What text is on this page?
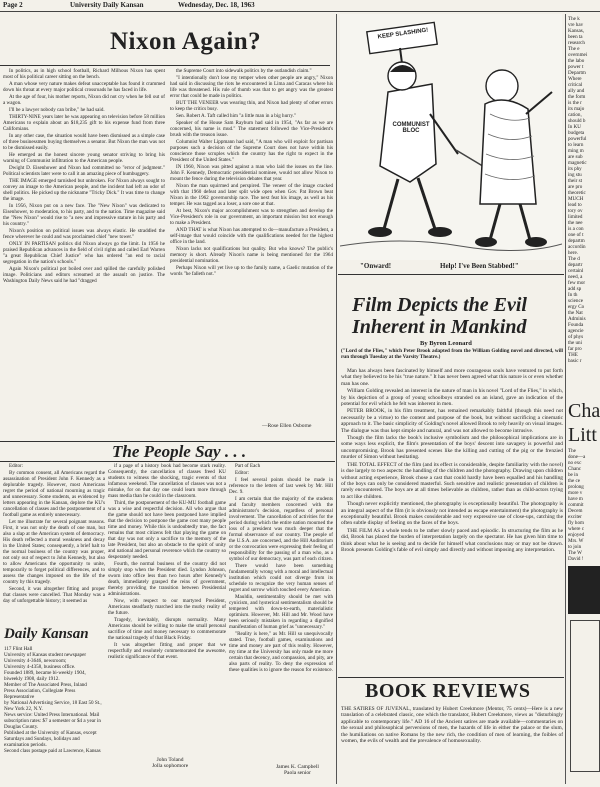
Page 2	University Daily Kansan	Wednesday, Dec. 18, 1963
Nixon Again?

In politics, as in high school football, Richard Milhous Nixon has spent most of his political career sitting on the bench.

A man whose very nature makes defeat unacceptable has found it crammed down his throat at every major political crossroads he has faced in life.

At the age of four, his mother reports, Nixon did not cry when he fell out of a wagon.

I'll be a lawyer nobody can bribe," he had said.

THIRTY-NINE years later he was appearing on television before 58 million Americans to explain about an $18,235 gift to his expense fund from three Californians.

In any other case, the situation would have been dismissed as a simple case of three businessmen buying themselves a senator. But Nixon the man was not to be dismissed easily.

He emerged as the honest sincere young senator striving to bring his warning of Communist infiltration to the American people.

Dwight D. Eisenhower and Nixon had committed no "error of judgment." Political scientists later were to call it an amazing piece of humbuggery.

THE IMAGE emerged tarnished but unbroken. For Nixon always sought to convey an image to the American people, and the incident had left an odor of shell politics. He picked up the nickname "Tricky Dick." It was time to change the image.

In 1956, Nixon put on a new face. The "New Nixon" was dedicated to Eisenhower, to moderation, to his party, and to the nation. Time magazine said the "New Nixon" would rise to "a new and impressive stature in his party and his country."

Nixon's position on political issues was always elastic. He straddled the fence wherever he could and was proclaimed chief "new tower."

ONLY IN PARTISAN politics did Nixon always go the limit. In 1956 he praised Republican advances in the field of civil rights and called Earl Warren "a great Republican Chief Justice" who has ordered "an end to racial segregation in the nation's schools."

Again Nixon's political pot boiled over and spilled the carefully polished image. Politicians and editors screamed at the assault on justice. The Washington Daily News said he had "dragged

the Supreme Court into sidewalk politics by the outlandish claim."

"I intentionally don't lose my temper when other people are angry," Nixon had said in discussing the riots he encountered in Lima and Caracas where his life was threatened. His rule of thumb was that to get angry was the greatest error that could be made in politics.

BUT THE VENEER was wearing thin, and Nixon had plenty of other errors to keep the critics busy.

Sen. Robert A. Taft called him "a little man in a big hurry."

Speaker of the House Sam Rayburn had said in 1954, "As far as we are concerned, his name is mud." The statement followed the Vice-President's brush with the treason issue.

Columnist Walter Lippmann had said, "A man who will exploit for partisan purposes such a decision of the Supreme Court does not have within his conscience those scruples which the country has the right to expect in the President of the United States."

IN 1960, Nixon was pitted against a man who laid the issues on the line. John F. Kennedy, Democratic presidential nominee, would not allow Nixon to mount the fence during the television debates that year.

Nixon the man squirmed and perspired. The veneer of the image cracked with that 1960 defeat and later split wide open when Gov. Pat Brown beat Nixon in the 1962 governorship race. The next feat his image, as well as his temper. He was tagged as a loser, a sore one at that.

At best, Nixon's major accomplishment was to strengthen and develop the Vice-President's role in our government, an important mission but not enough to make a President.

AND THAT is what Nixon has attempted to do—manufacture a President, a self-image that would coincide with the qualifications needed for the highest office in the land.

Nixon lacks not qualifications but quality. But who knows? The public's memory is short. Already Nixon's name is being mentioned for the 1964 presidential nomination.

Perhaps Nixon will yet live up to the family name, a Gaelic mutation of the words "he falleth not."

—Rose Ellen Osborne
KEEP SLASHING!
COMMUNIST BLOC
"Onward!	Help! I've Been Stabbed!"
The k
vre hav
Kansas,
been ta
research
The e
overnmei
the labo
power t
Departm
Where
critical
ally and
the form
is the r
its majo
cation,
should b
In KU
budgeta
powerful
to learn
ming m
are sub
magnetic
its phy
ing stu
their st
are pro
theoretic
MUCH
lead to
tory ov
limited
the nee
is a con
one of t
departm
accordin
here.
The d
departr
certainl
need, a
few mor
add sp
In th
science
ergy Co
the Nat
Adminis
Founda
agencie
of phys
the uni
far pro
THE
basic r
Cha
Litt
The
done—a
no exc
Chanc
be in
the ce
prolong
more v
have m
commit
Decem
exciter
fly hom
where c
enjoyed
Mrs. W
to join
The W
David !
The People Say . . .

Editor:

By common consent, all Americans regard the assassination of President John F. Kennedy as a deplorable tragedy. However, most Americans regret the period of national mourning as tragic and unnecessary. Some students, as evidenced by letters appearing in the Kansan, deplore the KU's cancellation of classes and the postponement of a football game as entirely unnecessary.

Let me illustrate for several poignant reasons. First, it was not only the death of one man, but also a slap at the American system of democracy. His death reflected a moral weakness and decay in the United States; consequently, a brief halt to the normal business of the country was proper, not only out of respect to John Kennedy, but also to allow Americans the opportunity to unite, temporarily to forget political differences, and to assess the changes imposed on the life of the country by this tragedy.

Second, it was altogether fitting and proper that classes were cancelled. That Monday was a day of unforgettable history; it seemed as

if a page of a history book had become stark reality. Consequently, the cancellation of classes freed KU students to witness the shocking, tragic events of that infamous weekend. The cancellation of classes was not a mistake, for on that day one could learn more through mass media than he could in the classroom.

Third, the postponement of the KU-MU football game was a wise and respectful decision. All who argue that the game should not have been postponed have implied that the decision to postpone the game cost many people time and money. While this is undoubtedly true, the fact remains that most citizens felt that playing the game on that day was not only a sacrifice to the memory of the late President, but also an obstacle to the spirit of unity and national and personal reverence which the country so desperately needed.

Fourth, the normal business of the country did not simply stop when the President died. Lyndon Johnson, sworn into office less than two hours after Kennedy's death, immediately grasped the reins of government, thereby providing the transition between Presidential administrations.

Now, with respect to our martyred President, Americans steadfastly marched into the murky reality of the future.

Tragedy, inevitably, disrupts normality. Many Americans should be willing to make the small personal sacrifice of time and money necessary to commemorate the national tragedy of that Black Friday.

It was altogether fitting and proper that we respectfully and resolutely commemorated the awesome, realistic significance of that event.

John Toland
Jolla sophomore

Part of Each

Editor:

I feel several points should be made in reference to the letters of last week by Mr. Hill Dec. 9.

I am certain that the majority of the students and faculty members concerned with the administrator's decision, regardless of personal involvement. The cancellation of activities for the period during which the entire nation mourned the loss of a president was much deeper that the formal observance of our country. The people of the U.S.A. are concerned, and the Hill Auditorium or the convocation were expressing their feeling of responsibility for the passing of a man who, as a symbol of our democracy, was part of each citizen.

There would have been something fundamentally wrong with a moral and intellectual institution which could not diverge from its schedule to recognize the very human senses of regret and sorrow which touched every American.

Mauldin, sentimentality should be met with cynicism, and hysterical sentimentalism should be tempered with down-to-earth, materialistic optimism. However, Mr. Hill and Mr. Wood have been seriously mistaken in regarding a dignified manifestation of human grief as "unnecessary."

"Reality is here," as Mr. Hill so unequivocally stated. True, football games, examinations and time and money are part of this reality. However, my time at the University has only made me more certain that decency, and compassion, and pity, are also parts of reality. To deny the expression of these qualities is to ignore the reason for existence.

James K. Campbell
Paola senior
Daily Kansan
117 Flint Hall
University of Kansas student newspaper
University 4-3646, newsroom;
University 4-4358, business office.
Founded 1889, became bi-weekly 1904,
biweekly 1908, daily 1912.
Member of The Associated Press, Inland
Press Association, Collegiate Press Representative
by National Advertising Service, 18 East 50 St., New York 22, N.Y.
News service: United Press International. Mail subscription rates: $7 a semester or $4 a year in Douglas County.
Published at the University of Kansas, except Saturdays and Sundays, holidays and examination periods.
Second class postage paid at Lawrence, Kansas
Film Depicts the Evil Inherent in Mankind
By Byron Leonard
("Lord of the Flies," which Peter Brook adapted from the William Golding novel and directed, will run through Tuesday at the Varsity Theatre.)

Man has always been fascinated by himself and more courageous souls have ventured to put forth what they believed to be his "true nature." It has never been agreed what this nature is or even whether man has one.

William Golding revealed an interest in the nature of man in his novel "Lord of the Flies," in which, by his depiction of a group of young schoolboys stranded on an island, gave an indication of the potential for evil which he felt was inherent in men.

PETER BROOK, in his film treatment, has remained remarkably faithful (though this need not necessarily be a virtue) to the content and purpose of the book, but without sacrificing a cinematic approach to it. The basic simplicity of Golding's novel allowed Brook to rely heavily on visual images. The dialogue was thus kept simple and natural, and was not allowed to become intrusive.

Though the film lacks the book's inclusive symbolism and the philosophical implications are in some ways less explicit, the film's presentation of the boys' descent into savagery is powerful and uncompromising. Brook has presented scenes like the killing and cutting of the pig or the frenzied murder of Simon without hesitating.

THE TOTAL EFFECT of the film (and its effect is considerable, despite familiarity with the novel) is due largely to two aspects: the handling of the children and the photography. Drawing upon children without acting experience, Brook chose a cast that could hardly have been equalled and his handling of the boys can only be considered masterful. Such sensitive and realistic presentation of children is rarely encountered. The boys are at all times believable as children, rather than as child-actors trying to act like children.

Though never explicitly mentioned, the photography is exceptionally beautiful. The photography is an integral aspect of the film (it is obviously not intended as escape entertainment) the photography is exceptionally beautiful. Brook makes considerable and very expressive use of close-ups, catching the often subtle display of feeling on the faces of the boys.

THE FILM AS a whole tends to be rather slowly paced and episodic. In structuring the film as he did, Brook has placed the burden of interpretation largely on the spectator. He has given him time to think about what he is seeing and to decide for himself what conclusions may or may not be drawn. Brook presents Golding's fable of evil simply and directly and without imposing any interpretation.

BOOK REVIEWS
THE SATIRES OF JUVENAL, translated by Hubert Creekmore (Mentor, 75 cents)—Here is a new translation of a celebrated classic, one which the translator, Hubert Creekmore, views as "disturbingly applicable to contemporary life." AD 16 of the Ancient satires are made available—commentaries on the sexual and philosophical perversions of men, the hazards of life in either the palace or the slum, the humiliations on native Romans by the new rich, the condition of men of learning, the foibles of women, the evils of wealth and the prevalence of homosexuality.
